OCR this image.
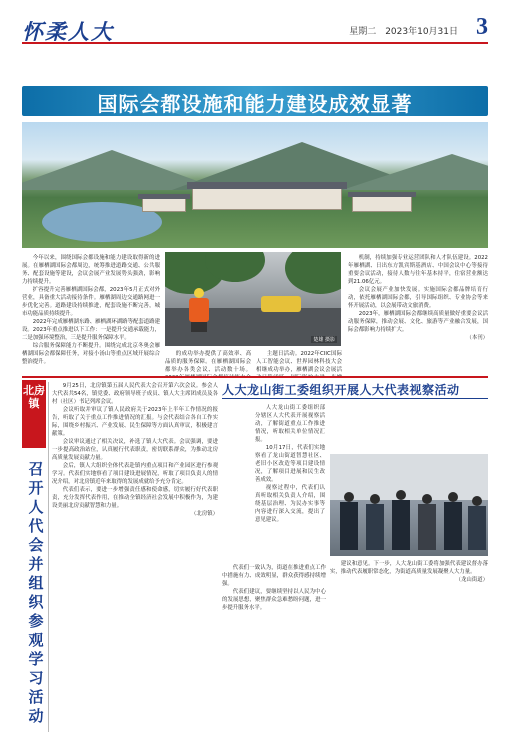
怀柔人大	星期二　2023年10月31日 3
国际会都设施和能力建设成效显著

今年以来，围绕国际会都设施和能力建设取得新的进展。在雁栖湖国际会都周边，统筹推进道路交通、公共服务、配套设施等建设，会议会展产业发展势头强劲，影响力持续提升。

扩容提升完善雁栖湖国际会都，2023年5月正式对外营业，具备重大活动接待条件。雁栖湖周边交通路网进一步优化完善。道路建设持续推进，配套设施不断完善，城市功能品质持续提升。

2022年完成雁栖湖东路、雁栖湖环湖路等配套道路建设。2023年重点推进以下工作：一是提升交通承载能力，二是加强环境整治，三是提升服务保障水平。

综合服务保障能力不断提升。围绕完成北京冬奥会雁栖湖国际会都保障任务，对接小汤山等重点区域开展综合整治提升。

楚雄 摄影

的成功举办提供了高效率、高品质的服务保障。在雁栖湖国际会都举办各类会议、活动数十场。

主题日活动。2022年CIIC国际人工智能会议、世界园林科技大会相继成功举办，雁栖湖会议会展活

机制，持续加强专业运营团队和人才队伍建设。2022年雁栖湖、日出东方凯宾斯基酒店、中国会议中心等接待重要会议活动，接待人数与往年基本持平，住宿营业额达到21.06亿元。

会议会展产业加快发展。实施国际会都品牌培育行动，依托雁栖湖国际会都，引导国际组织、专业协会等来怀开展活动，以会展带动文旅消费。

2023年，雁栖湖国际会都继续高质量做好重要会议活动服务保障，推动会展、文化、旅游等产业融合发展，国际会都影响力持续扩大。

（本刊）

北房镇
召开人代会并组织参观学习活动

9月25日，北房镇第五届人民代表大会召开第六次会议。参会人大代表共54名，镇党委、政府领导班子成员、镇人大主席团成员及各村（社区）书记列席会议。

会议听取并审议了镇人民政府关于2023年上半年工作情况的报告，听取了关于重点工作推进情况的汇报。与会代表结合各自工作实际，围绕乡村振兴、产业发展、民生保障等方面认真审议，积极建言献策。

会议审议通过了相关决议，补选了镇人大代表。会议强调，要进一步提高政治站位，认真履行代表职责，密切联系群众，为推动北房高质量发展贡献力量。

会后，镇人大组织全体代表赴镇内重点项目和产业园区进行参观学习。代表们实地察看了项目建设进展情况，听取了项目负责人的情况介绍，对北房镇近年来取得的发展成就给予充分肯定。

代表们表示，要进一步增强责任感和使命感，切实履行好代表职责，充分发挥代表作用，在推动全镇经济社会发展中积极作为，为建设美丽北房贡献智慧和力量。

（北房镇）

人大龙山街工委组织开展人大代表视察活动

人大龙山街工委组织部分辖区人大代表开展视察活动，了解街道重点工作推进情况，听取相关单位情况汇报。

10月17日，代表们实地察看了龙山街道智慧社区、老旧小区改造等项目建设情况，了解项目进展和民生改善成效。

视察过程中，代表们认真听取相关负责人介绍，围绕基层治理、为民办实事等内容进行深入交流，提出了意见建议。

代表们一致认为，街道在推进重点工作中措施有力、成效明显，群众获得感持续增强。

代表们建议，要继续坚持以人民为中心的发展思想，聚焦群众急难愁盼问题，进一步提升服务水平。

建议和意见。下一步，人大龙山街工委将加强代表建议督办落实，推动代表履职常态化，为街道高质量发展凝聚人大力量。

（龙山街道）
